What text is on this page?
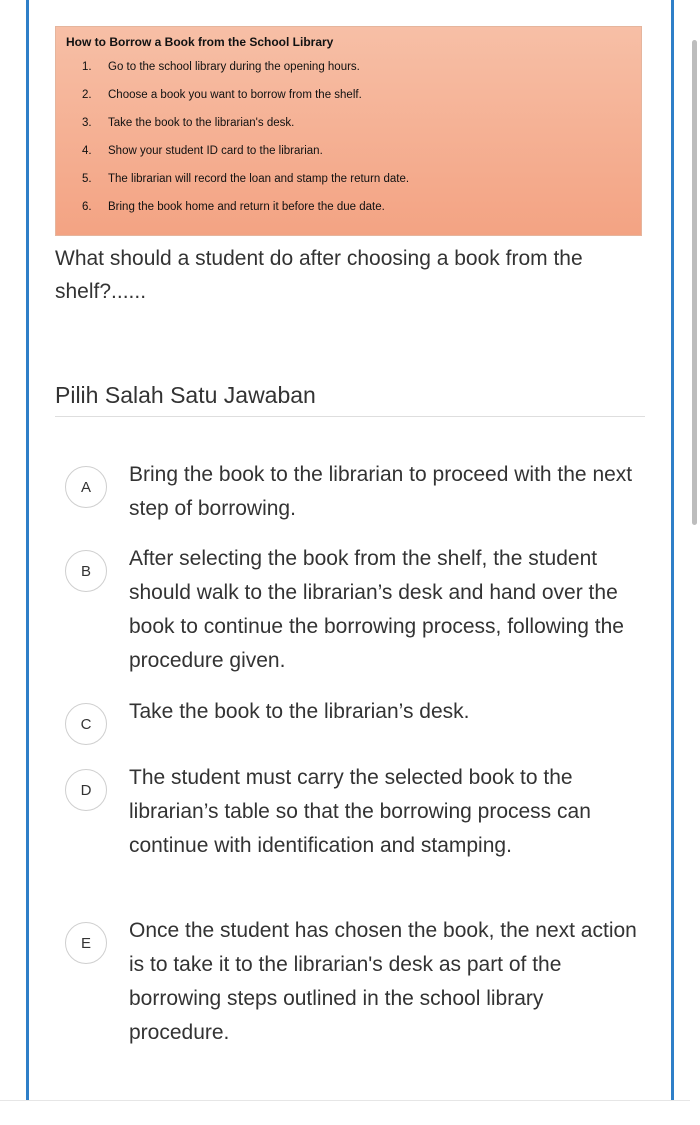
How to Borrow a Book from the School Library
1. Go to the school library during the opening hours.
2. Choose a book you want to borrow from the shelf.
3. Take the book to the librarian's desk.
4. Show your student ID card to the librarian.
5. The librarian will record the loan and stamp the return date.
6. Bring the book home and return it before the due date.
What should a student do after choosing a book from the shelf?......
Pilih Salah Satu Jawaban
A
Bring the book to the librarian to proceed with the next step of borrowing.
B
After selecting the book from the shelf, the student should walk to the librarian’s desk and hand over the book to continue the borrowing process, following the procedure given.
C
Take the book to the librarian’s desk.
D
The student must carry the selected book to the librarian’s table so that the borrowing process can continue with identification and stamping.
E
Once the student has chosen the book, the next action is to take it to the librarian's desk as part of the borrowing steps outlined in the school library procedure.
